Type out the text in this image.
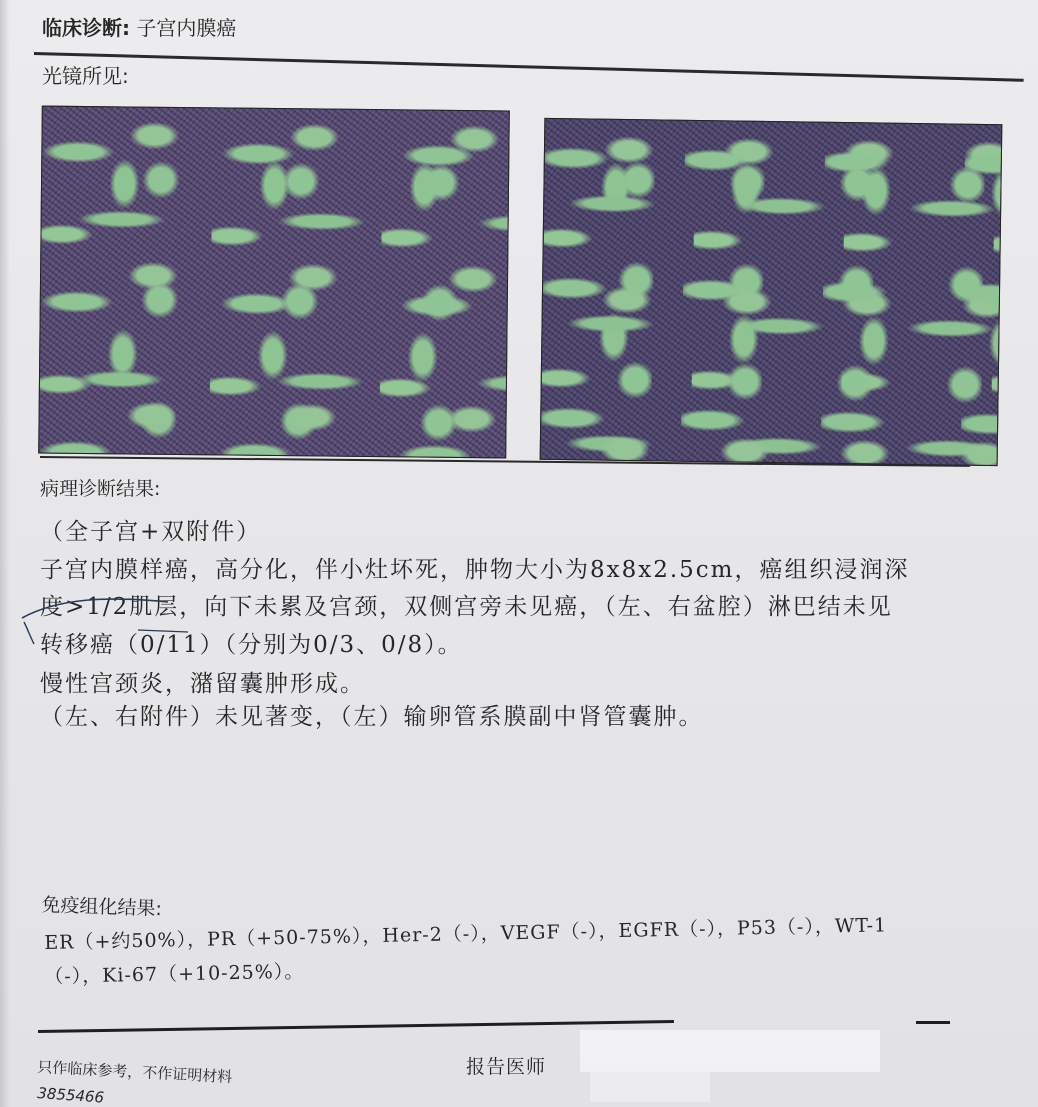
临床诊断: 子宫内膜癌
光镜所见:
病理诊断结果:
（全子宫+双附件）
子宫内膜样癌，高分化，伴小灶坏死，肿物大小为8x8x2.5cm，癌组织浸润深
度>1/2肌层，向下未累及宫颈，双侧宫旁未见癌，（左、右盆腔）淋巴结未见
转移癌（0/11）（分别为0/3、0/8）。
慢性宫颈炎，潴留囊肿形成。
（左、右附件）未见著变，（左）输卵管系膜副中肾管囊肿。
免疫组化结果:
ER（+约50%），PR（+50-75%），Her-2（-），VEGF（-），EGFR（-），P53（-），WT-1
（-），Ki-67（+10-25%）。
只作临床参考，不作证明材料
3855466
报告医师
